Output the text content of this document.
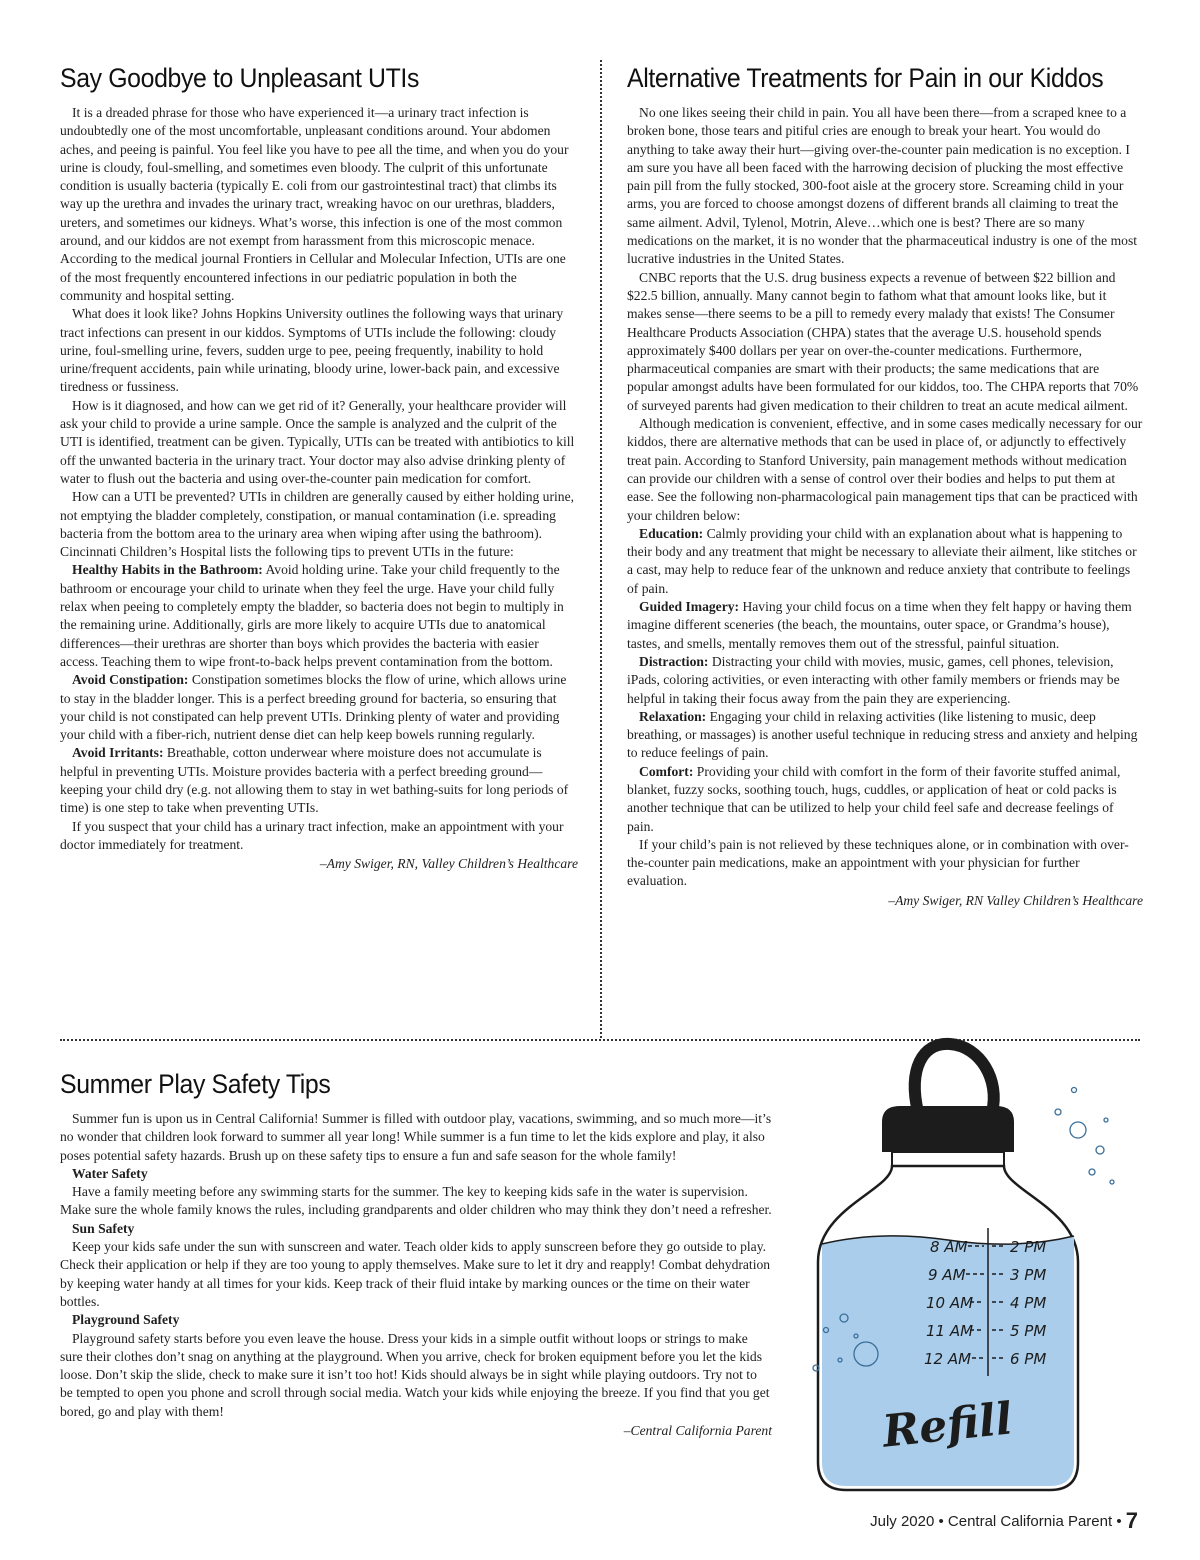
Say Goodbye to Unpleasant UTIs

It is a dreaded phrase for those who have experienced it—a urinary tract infection is undoubtedly one of the most uncomfortable, unpleasant conditions around. Your abdomen aches, and peeing is painful. You feel like you have to pee all the time, and when you do your urine is cloudy, foul-smelling, and sometimes even bloody. The culprit of this unfortunate condition is usually bacteria (typically E. coli from our gastrointestinal tract) that climbs its way up the urethra and invades the urinary tract, wreaking havoc on our urethras, bladders, ureters, and sometimes our kidneys. What’s worse, this infection is one of the most common around, and our kiddos are not exempt from harassment from this microscopic menace. According to the medical journal Frontiers in Cellular and Molecular Infection, UTIs are one of the most frequently encountered infections in our pediatric population in both the community and hospital setting.

What does it look like? Johns Hopkins University outlines the following ways that urinary tract infections can present in our kiddos. Symptoms of UTIs include the following: cloudy urine, foul-smelling urine, fevers, sudden urge to pee, peeing frequently, inability to hold urine/frequent accidents, pain while urinating, bloody urine, lower-back pain, and excessive tiredness or fussiness.

How is it diagnosed, and how can we get rid of it? Generally, your healthcare provider will ask your child to provide a urine sample. Once the sample is analyzed and the culprit of the UTI is identified, treatment can be given. Typically, UTIs can be treated with antibiotics to kill off the unwanted bacteria in the urinary tract. Your doctor may also advise drinking plenty of water to flush out the bacteria and using over-the-counter pain medication for comfort.

How can a UTI be prevented? UTIs in children are generally caused by either holding urine, not emptying the bladder completely, constipation, or manual contamination (i.e. spreading bacteria from the bottom area to the urinary area when wiping after using the bathroom). Cincinnati Children’s Hospital lists the following tips to prevent UTIs in the future:

Healthy Habits in the Bathroom: Avoid holding urine. Take your child frequently to the bathroom or encourage your child to urinate when they feel the urge. Have your child fully relax when peeing to completely empty the bladder, so bacteria does not begin to multiply in the remaining urine. Additionally, girls are more likely to acquire UTIs due to anatomical differences—their urethras are shorter than boys which provides the bacteria with easier access. Teaching them to wipe front-to-back helps prevent contamination from the bottom.

Avoid Constipation: Constipation sometimes blocks the flow of urine, which allows urine to stay in the bladder longer. This is a perfect breeding ground for bacteria, so ensuring that your child is not constipated can help prevent UTIs. Drinking plenty of water and providing your child with a fiber-rich, nutrient dense diet can help keep bowels running regularly.

Avoid Irritants: Breathable, cotton underwear where moisture does not accumulate is helpful in preventing UTIs. Moisture provides bacteria with a perfect breeding ground—keeping your child dry (e.g. not allowing them to stay in wet bathing-suits for long periods of time) is one step to take when preventing UTIs.

If you suspect that your child has a urinary tract infection, make an appointment with your doctor immediately for treatment.

–Amy Swiger, RN, Valley Children’s Healthcare

Alternative Treatments for Pain in our Kiddos

No one likes seeing their child in pain. You all have been there—from a scraped knee to a broken bone, those tears and pitiful cries are enough to break your heart. You would do anything to take away their hurt—giving over-the-counter pain medication is no exception. I am sure you have all been faced with the harrowing decision of plucking the most effective pain pill from the fully stocked, 300-foot aisle at the grocery store. Screaming child in your arms, you are forced to choose amongst dozens of different brands all claiming to treat the same ailment. Advil, Tylenol, Motrin, Aleve…which one is best? There are so many medications on the market, it is no wonder that the pharmaceutical industry is one of the most lucrative industries in the United States.

CNBC reports that the U.S. drug business expects a revenue of between $22 billion and $22.5 billion, annually. Many cannot begin to fathom what that amount looks like, but it makes sense—there seems to be a pill to remedy every malady that exists! The Consumer Healthcare Products Association (CHPA) states that the average U.S. household spends approximately $400 dollars per year on over-the-counter medications. Furthermore, pharmaceutical companies are smart with their products; the same medications that are popular amongst adults have been formulated for our kiddos, too. The CHPA reports that 70% of surveyed parents had given medication to their children to treat an acute medical ailment.

Although medication is convenient, effective, and in some cases medically necessary for our kiddos, there are alternative methods that can be used in place of, or adjunctly to effectively treat pain. According to Stanford University, pain management methods without medication can provide our children with a sense of control over their bodies and helps to put them at ease. See the following non-pharmacological pain management tips that can be practiced with your children below:

Education: Calmly providing your child with an explanation about what is happening to their body and any treatment that might be necessary to alleviate their ailment, like stitches or a cast, may help to reduce fear of the unknown and reduce anxiety that contribute to feelings of pain.

Guided Imagery: Having your child focus on a time when they felt happy or having them imagine different sceneries (the beach, the mountains, outer space, or Grandma’s house), tastes, and smells, mentally removes them out of the stressful, painful situation.

Distraction: Distracting your child with movies, music, games, cell phones, television, iPads, coloring activities, or even interacting with other family members or friends may be helpful in taking their focus away from the pain they are experiencing.

Relaxation: Engaging your child in relaxing activities (like listening to music, deep breathing, or massages) is another useful technique in reducing stress and anxiety and helping to reduce feelings of pain.

Comfort: Providing your child with comfort in the form of their favorite stuffed animal, blanket, fuzzy socks, soothing touch, hugs, cuddles, or application of heat or cold packs is another technique that can be utilized to help your child feel safe and decrease feelings of pain.

If your child’s pain is not relieved by these techniques alone, or in combination with over-the-counter pain medications, make an appointment with your physician for further evaluation.

–Amy Swiger, RN Valley Children’s Healthcare

Summer Play Safety Tips

Summer fun is upon us in Central California! Summer is filled with outdoor play, vacations, swimming, and so much more—it’s no wonder that children look forward to summer all year long! While summer is a fun time to let the kids explore and play, it also poses potential safety hazards. Brush up on these safety tips to ensure a fun and safe season for the whole family!

Water Safety

Have a family meeting before any swimming starts for the summer. The key to keeping kids safe in the water is supervision. Make sure the whole family knows the rules, including grandparents and older children who may think they don’t need a refresher.

Sun Safety

Keep your kids safe under the sun with sunscreen and water. Teach older kids to apply sunscreen before they go outside to play. Check their application or help if they are too young to apply themselves. Make sure to let it dry and reapply! Combat dehydration by keeping water handy at all times for your kids. Keep track of their fluid intake by marking ounces or the time on their water bottles.

Playground Safety

Playground safety starts before you even leave the house. Dress your kids in a simple outfit without loops or strings to make sure their clothes don’t snag on anything at the playground. When you arrive, check for broken equipment before you let the kids loose. Don’t skip the slide, check to make sure it isn’t too hot! Kids should always be in sight while playing outdoors. Try not to be tempted to open you phone and scroll through social media. Watch your kids while enjoying the breeze. If you find that you get bored, go and play with them!

–Central California Parent

8 AM
9 AM
10 AM
11 AM
12 AM
2 PM
3 PM
4 PM
5 PM
6 PM
Refill
July 2020 • Central California Parent • 7
